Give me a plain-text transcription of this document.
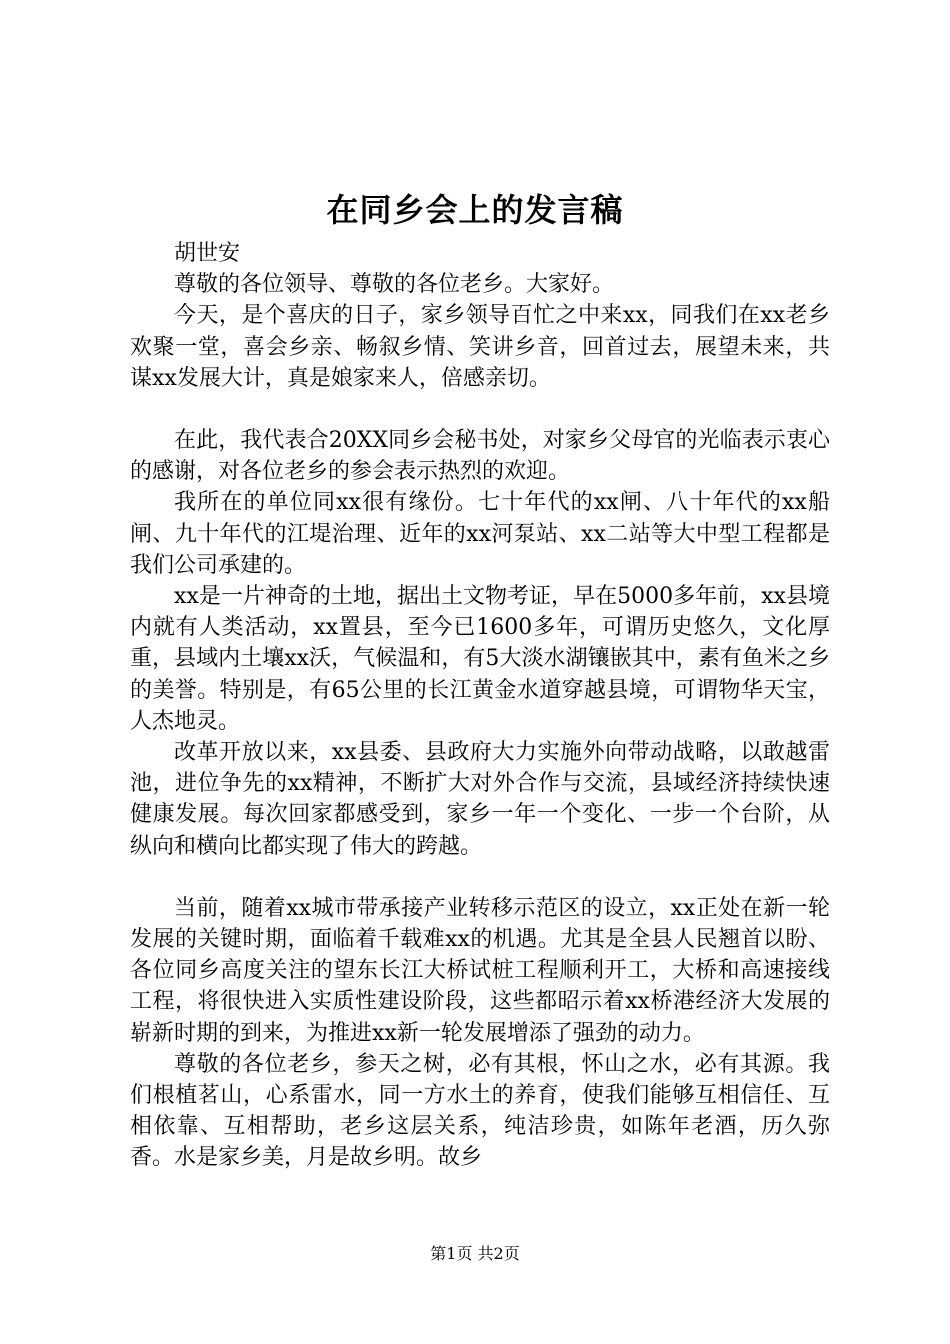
在同乡会上的发言稿

胡世安

尊敬的各位领导、尊敬的各位老乡。大家好。

今天，是个喜庆的日子，家乡领导百忙之中来xx，同我们在xx老乡欢聚一堂，喜会乡亲、畅叙乡情、笑讲乡音，回首过去，展望未来，共谋xx发展大计，真是娘家来人，倍感亲切。

在此，我代表合20XX同乡会秘书处，对家乡父母官的光临表示衷心的感谢，对各位老乡的参会表示热烈的欢迎。

我所在的单位同xx很有缘份。七十年代的xx闸、八十年代的xx船闸、九十年代的江堤治理、近年的xx河泵站、xx二站等大中型工程都是我们公司承建的。

xx是一片神奇的土地，据出土文物考证，早在5000多年前，xx县境内就有人类活动，xx置县，至今已1600多年，可谓历史悠久，文化厚重，县域内土壤xx沃，气候温和，有5大淡水湖镶嵌其中，素有鱼米之乡的美誉。特别是，有65公里的长江黄金水道穿越县境，可谓物华天宝，人杰地灵。

改革开放以来，xx县委、县政府大力实施外向带动战略，以敢越雷池，进位争先的xx精神，不断扩大对外合作与交流，县域经济持续快速健康发展。每次回家都感受到，家乡一年一个变化、一步一个台阶，从纵向和横向比都实现了伟大的跨越。

当前，随着xx城市带承接产业转移示范区的设立，xx正处在新一轮发展的关键时期，面临着千载难xx的机遇。尤其是全县人民翘首以盼、各位同乡高度关注的望东长江大桥试桩工程顺利开工，大桥和高速接线工程，将很快进入实质性建设阶段，这些都昭示着xx桥港经济大发展的崭新时期的到来，为推进xx新一轮发展增添了强劲的动力。

尊敬的各位老乡，参天之树，必有其根，怀山之水，必有其源。我们根植茗山，心系雷水，同一方水土的养育，使我们能够互相信任、互相依靠、互相帮助，老乡这层关系，纯洁珍贵，如陈年老酒，历久弥香。水是家乡美，月是故乡明。故乡

第1页 共2页
